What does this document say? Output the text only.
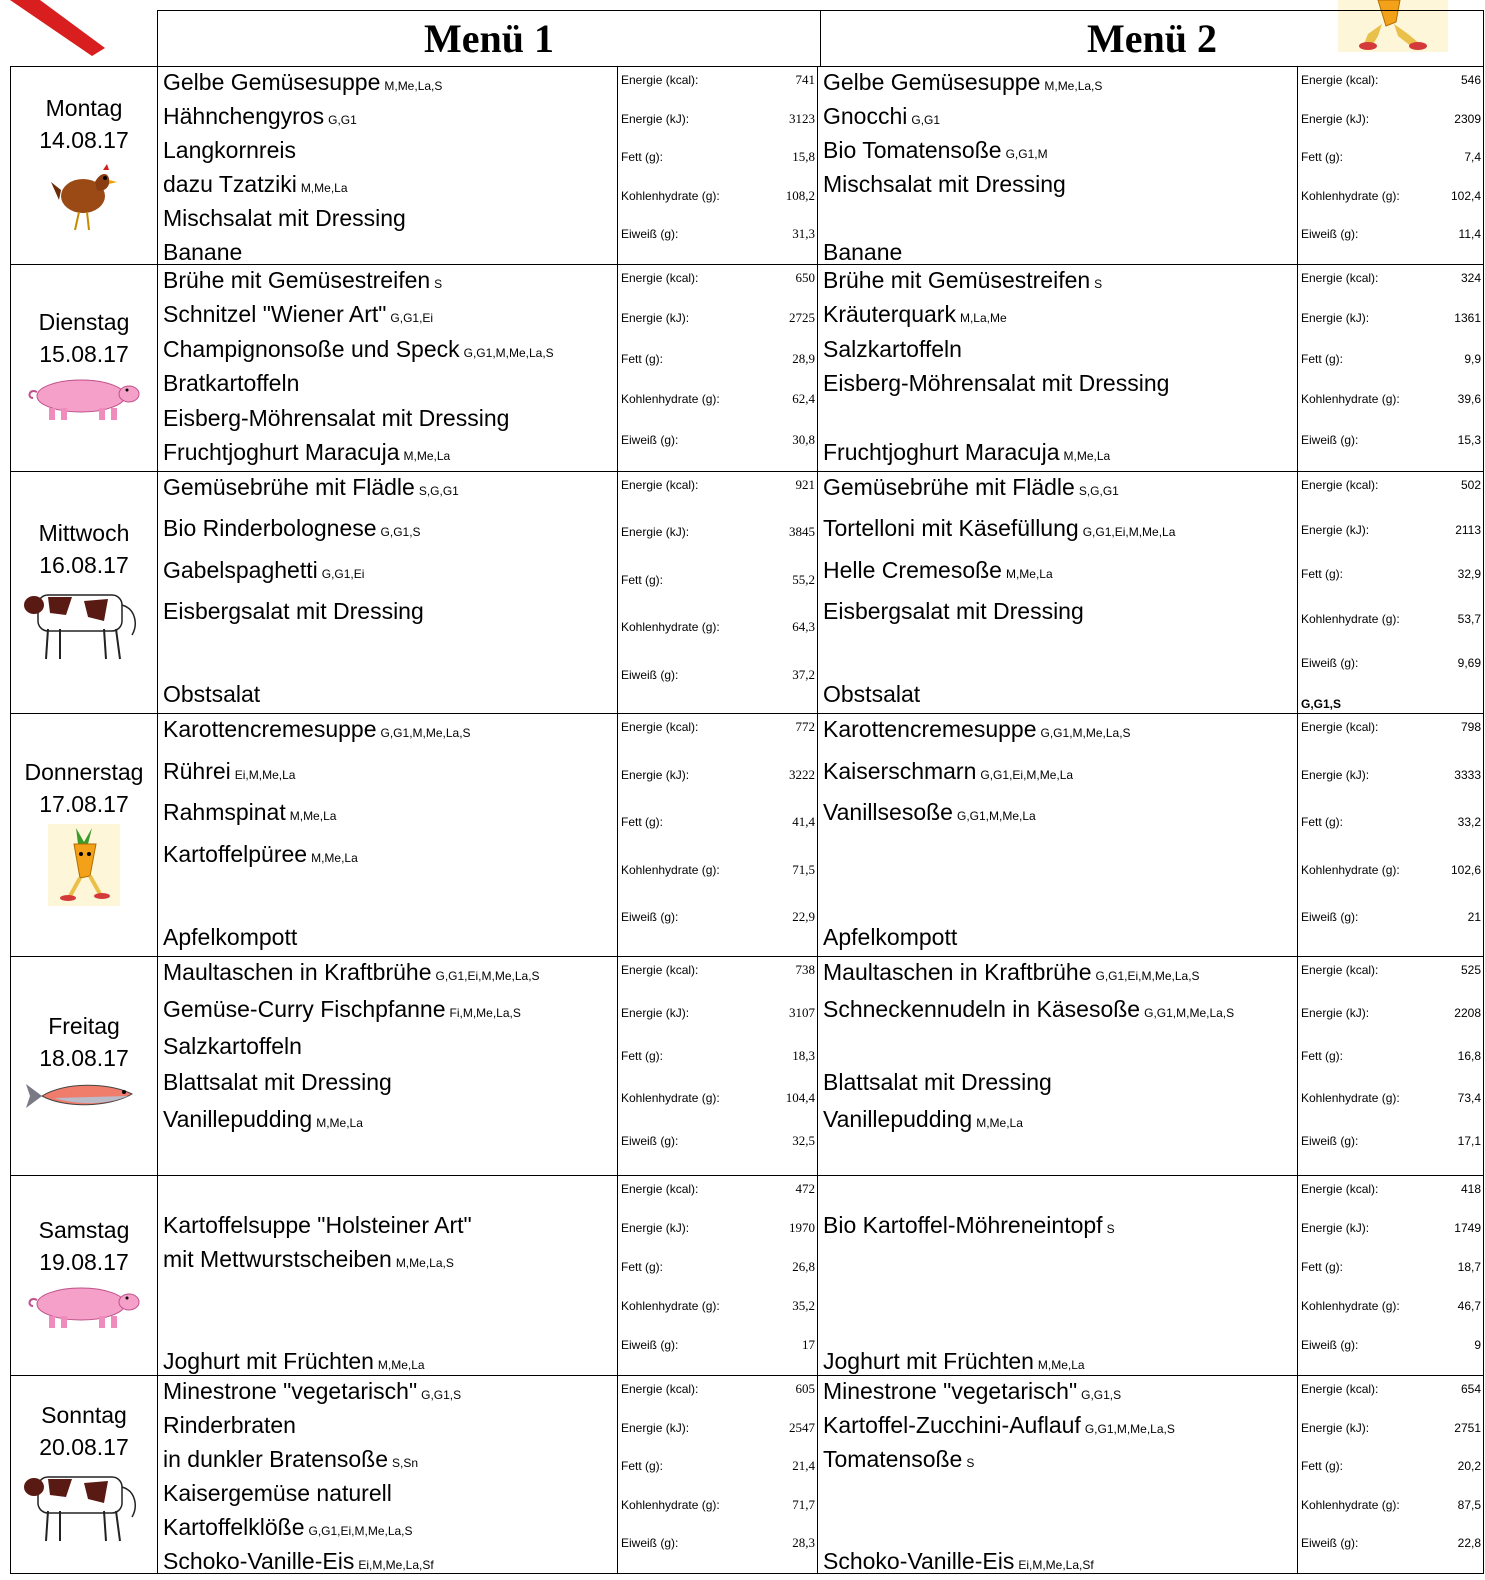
Menü 1	Menü 2
Montag
14.08.17
Gelbe Gemüsesuppe M,Me,La,S
Hähnchengyros G,G1
Langkornreis
dazu Tzatziki M,Me,La
Mischsalat mit Dressing
Banane
Energie (kcal):	741
Energie (kJ):	3123
Fett (g):	15,8
Kohlenhydrate (g):	108,2
Eiweiß (g):	31,3
Gelbe Gemüsesuppe M,Me,La,S
Gnocchi G,G1
Bio Tomatensoße G,G1,M
Mischsalat mit Dressing
Banane
Energie (kcal):	546
Energie (kJ):	2309
Fett (g):	7,4
Kohlenhydrate (g):	102,4
Eiweiß (g):	11,4
Dienstag
15.08.17
Brühe mit Gemüsestreifen S
Schnitzel "Wiener Art" G,G1,Ei
Champignonsoße und Speck G,G1,M,Me,La,S
Bratkartoffeln
Eisberg-Möhrensalat mit Dressing
Fruchtjoghurt Maracuja M,Me,La
Energie (kcal):	650
Energie (kJ):	2725
Fett (g):	28,9
Kohlenhydrate (g):	62,4
Eiweiß (g):	30,8
Brühe mit Gemüsestreifen S
Kräuterquark M,La,Me
Salzkartoffeln
Eisberg-Möhrensalat mit Dressing
Fruchtjoghurt Maracuja M,Me,La
Energie (kcal):	324
Energie (kJ):	1361
Fett (g):	9,9
Kohlenhydrate (g):	39,6
Eiweiß (g):	15,3
Mittwoch
16.08.17
Gemüsebrühe mit Flädle S,G,G1
Bio Rinderbolognese G,G1,S
Gabelspaghetti G,G1,Ei
Eisbergsalat mit Dressing
Obstsalat
Energie (kcal):	921
Energie (kJ):	3845
Fett (g):	55,2
Kohlenhydrate (g):	64,3
Eiweiß (g):	37,2
Gemüsebrühe mit Flädle S,G,G1
Tortelloni mit Käsefüllung G,G1,Ei,M,Me,La
Helle Cremesoße M,Me,La
Eisbergsalat mit Dressing
Obstsalat
Energie (kcal):	502
Energie (kJ):	2113
Fett (g):	32,9
Kohlenhydrate (g):	53,7
Eiweiß (g):	9,69
G,G1,S
Donnerstag
17.08.17
Karottencremesuppe G,G1,M,Me,La,S
Rührei Ei,M,Me,La
Rahmspinat M,Me,La
Kartoffelpüree M,Me,La
Apfelkompott
Energie (kcal):	772
Energie (kJ):	3222
Fett (g):	41,4
Kohlenhydrate (g):	71,5
Eiweiß (g):	22,9
Karottencremesuppe G,G1,M,Me,La,S
Kaiserschmarn G,G1,Ei,M,Me,La
Vanillsesoße G,G1,M,Me,La
Apfelkompott
Energie (kcal):	798
Energie (kJ):	3333
Fett (g):	33,2
Kohlenhydrate (g):	102,6
Eiweiß (g):	21
Freitag
18.08.17
Maultaschen in Kraftbrühe G,G1,Ei,M,Me,La,S
Gemüse-Curry Fischpfanne Fi,M,Me,La,S
Salzkartoffeln
Blattsalat mit Dressing
Vanillepudding M,Me,La
Energie (kcal):	738
Energie (kJ):	3107
Fett (g):	18,3
Kohlenhydrate (g):	104,4
Eiweiß (g):	32,5
Maultaschen in Kraftbrühe G,G1,Ei,M,Me,La,S
Schneckennudeln in Käsesoße G,G1,M,Me,La,S
Blattsalat mit Dressing
Vanillepudding M,Me,La
Energie (kcal):	525
Energie (kJ):	2208
Fett (g):	16,8
Kohlenhydrate (g):	73,4
Eiweiß (g):	17,1
Samstag
19.08.17
Kartoffelsuppe "Holsteiner Art"
mit Mettwurstscheiben M,Me,La,S
Joghurt mit Früchten M,Me,La
Energie (kcal):	472
Energie (kJ):	1970
Fett (g):	26,8
Kohlenhydrate (g):	35,2
Eiweiß (g):	17
Bio Kartoffel-Möhreneintopf S
Joghurt mit Früchten M,Me,La
Energie (kcal):	418
Energie (kJ):	1749
Fett (g):	18,7
Kohlenhydrate (g):	46,7
Eiweiß (g):	9
Sonntag
20.08.17
Minestrone "vegetarisch" G,G1,S
Rinderbraten
in dunkler Bratensoße S,Sn
Kaisergemüse naturell
Kartoffelklöße G,G1,Ei,M,Me,La,S
Schoko-Vanille-Eis Ei,M,Me,La,Sf
Energie (kcal):	605
Energie (kJ):	2547
Fett (g):	21,4
Kohlenhydrate (g):	71,7
Eiweiß (g):	28,3
Minestrone "vegetarisch" G,G1,S
Kartoffel-Zucchini-Auflauf G,G1,M,Me,La,S
Tomatensoße S
Schoko-Vanille-Eis Ei,M,Me,La,Sf
Energie (kcal):	654
Energie (kJ):	2751
Fett (g):	20,2
Kohlenhydrate (g):	87,5
Eiweiß (g):	22,8
